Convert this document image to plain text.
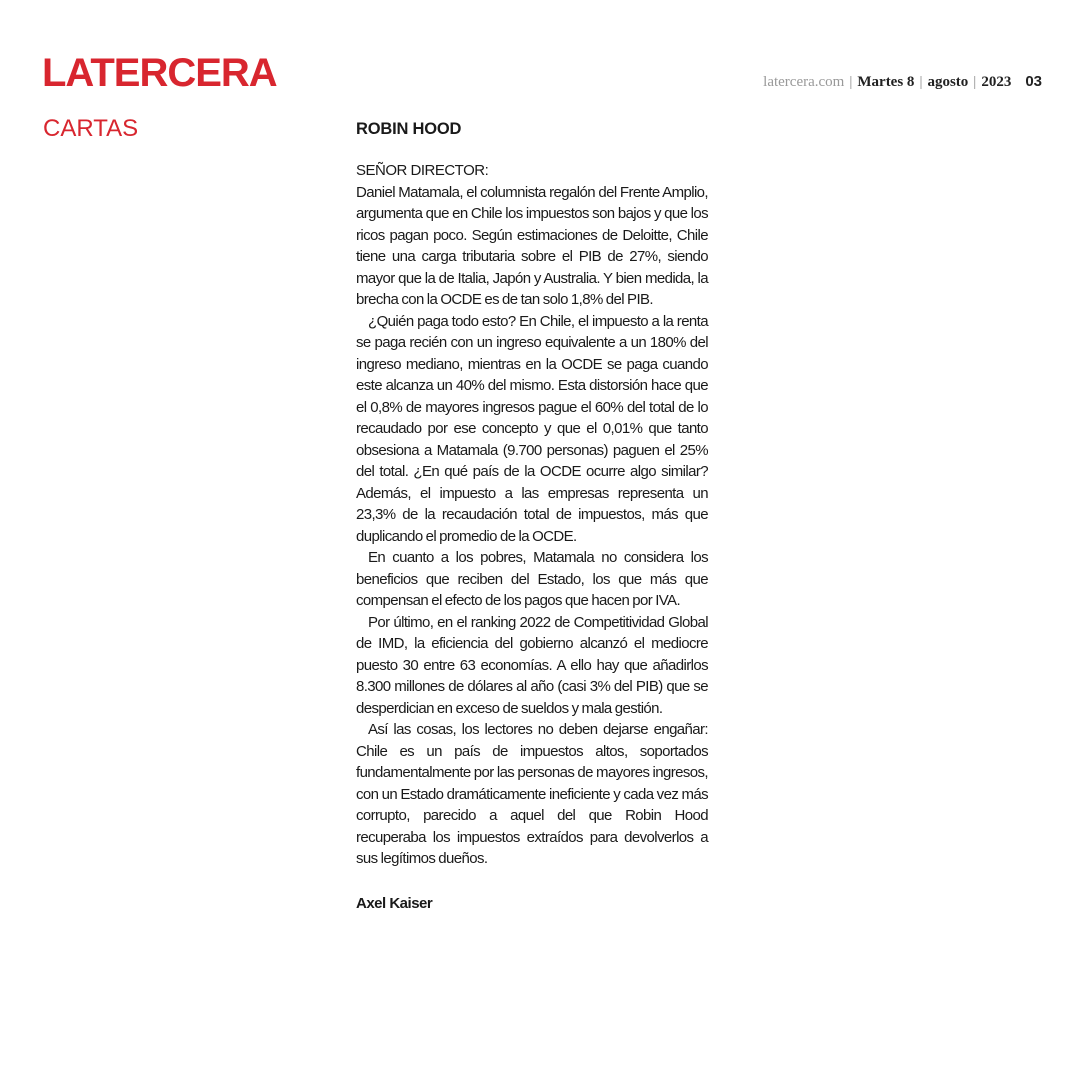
LATERCERA	latercera.com | Martes 8 | agosto | 2023 03
CARTAS	ROBIN HOOD

SEÑOR DIRECTOR:

Daniel Matamala, el columnista regalón del Frente Amplio, argumenta que en Chile los impuestos son bajos y que los ricos pagan poco. Según estimaciones de Deloitte, Chile tiene una carga tributaria sobre el PIB de 27%, siendo mayor que la de Italia, Japón y Australia. Y bien medida, la brecha con la OCDE es de tan solo 1,8% del PIB.

¿Quién paga todo esto? En Chile, el impuesto a la renta se paga recién con un ingreso equivalente a un 180% del ingreso mediano, mientras en la OCDE se paga cuando este alcanza un 40% del mismo. Esta distorsión hace que el 0,8% de mayores ingresos pague el 60% del total de lo recaudado por ese concepto y que el 0,01% que tanto obsesiona a Matamala (9.700 personas) paguen el 25% del total. ¿En qué país de la OCDE ocurre algo similar? Además, el impuesto a las empresas representa un 23,3% de la recaudación total de impuestos, más que duplicando el promedio de la OCDE.

En cuanto a los pobres, Matamala no considera los beneficios que reciben del Estado, los que más que compensan el efecto de los pagos que hacen por IVA.

Por último, en el ranking 2022 de Competitividad Global de IMD, la eficiencia del gobierno alcanzó el mediocre puesto 30 entre 63 economías. A ello hay que añadirlos 8.300 millones de dólares al año (casi 3% del PIB) que se desperdician en exceso de sueldos y mala gestión.

Así las cosas, los lectores no deben dejarse engañar: Chile es un país de impuestos altos, soportados fundamentalmente por las personas de mayores ingresos, con un Estado dramáticamente ineficiente y cada vez más corrupto, parecido a aquel del que Robin Hood recuperaba los impuestos extraídos para devolverlos a sus legítimos dueños.

Axel Kaiser
